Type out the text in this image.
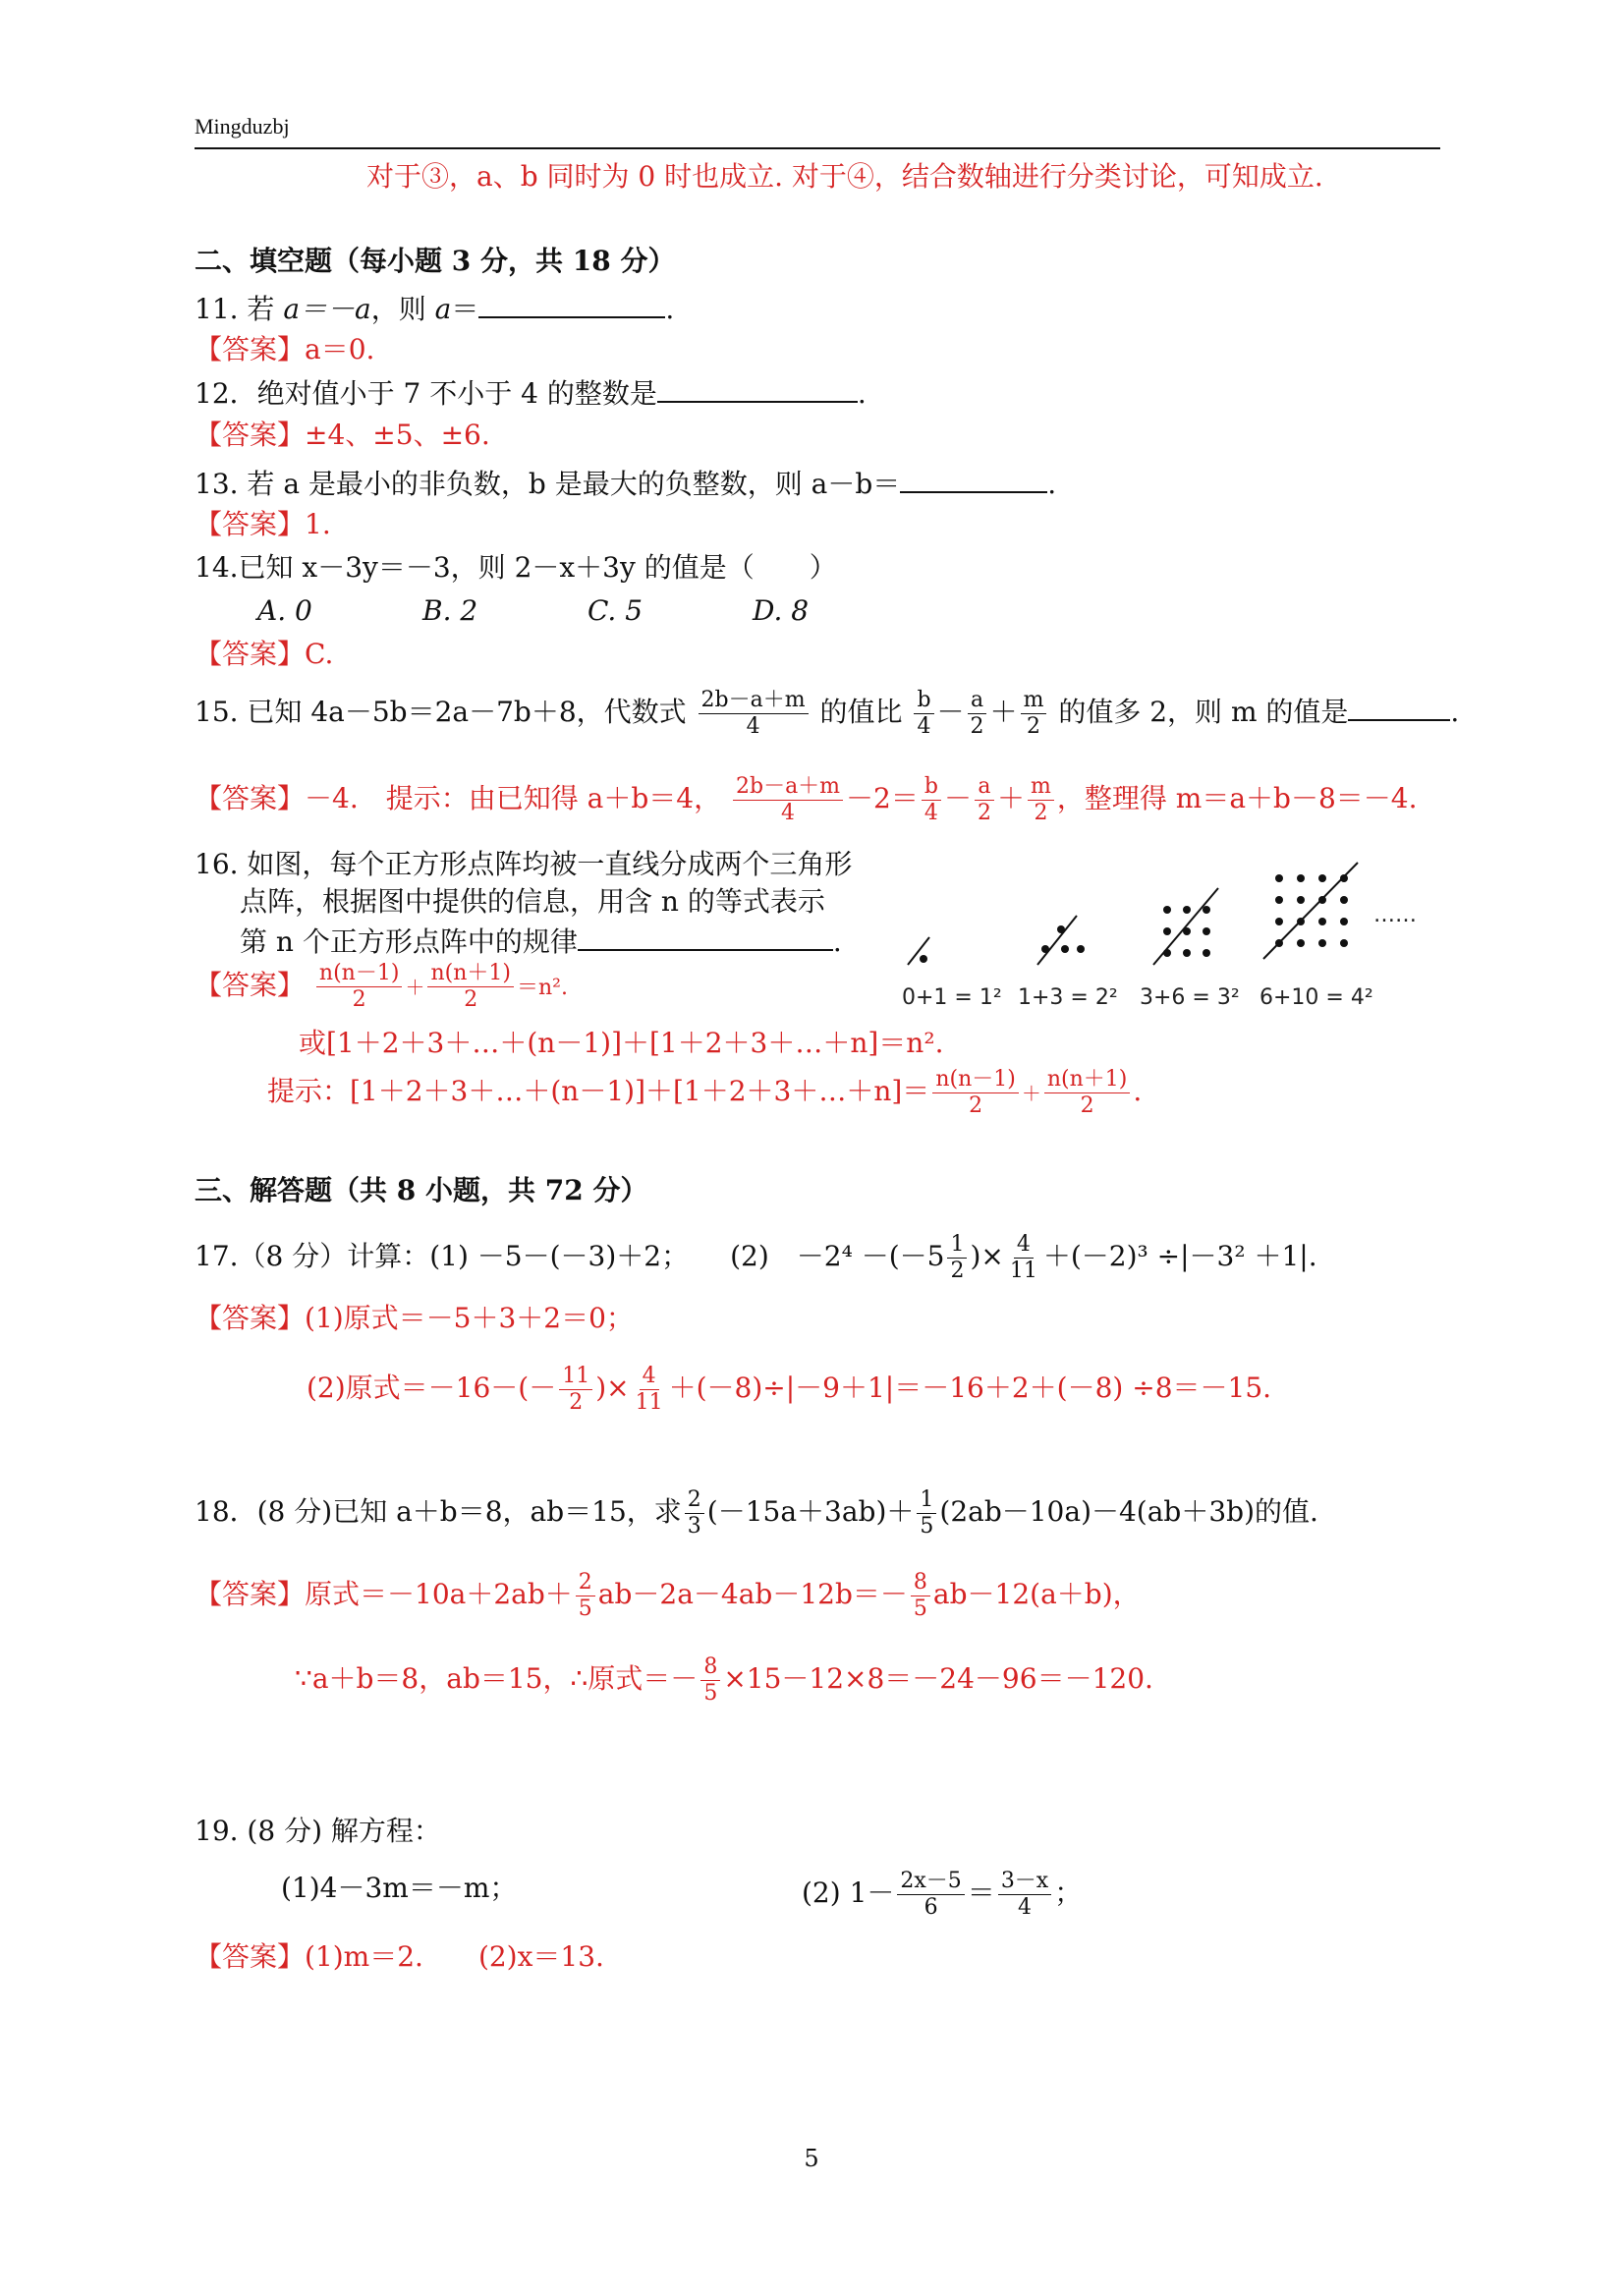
Mingduzbj
对于③，a、b 同时为 0 时也成立. 对于④，结合数轴进行分类讨论，可知成立.
二、填空题（每小题 3 分，共 18 分）
11. 若 a＝－a，则 a＝	.
【答案】a＝0.
12．绝对值小于 7 不小于 4 的整数是	.
【答案】±4、±5、±6.
13. 若 a 是最小的非负数，b 是最大的负整数，则 a－b＝	.
【答案】1.
14.已知 x－3y＝－3，则 2－x＋3y 的值是（　　）
A. 0	B. 2	C. 5	D. 8
【答案】C.
15. 已知 4a－5b＝2a－7b＋8，代数式 $\frac{2b-a+m}{4}$ 的值比 $\frac{b}{4} - \frac{a}{2} + \frac{m}{2}$ 的值多 2，则 m 的值是	.
【答案】－4.　提示：由已知得 a＋b＝4， $\frac{2b-a+m}{4} -2= \frac{b}{4} - \frac{a}{2} + \frac{m}{2}$ ，整理得 m＝a＋b－8＝－4.
16. 如图，每个正方形点阵均被一直线分成两个三角形
点阵，根据图中提供的信息，用含 n 的等式表示
第 n 个正方形点阵中的规律	.
【答案】 $\frac{n(n-1)}{2} + \frac{n(n+1)}{2} =n^2$.
或[1＋2＋3＋…＋(n－1)]＋[1＋2＋3＋…＋n]＝n².
提示：[1＋2＋3＋…＋(n－1)]＋[1＋2＋3＋…＋n]＝ $\frac{n(n-1)}{2} + \frac{n(n+1)}{2}$ .
……
0+1 = 1² 1+3 = 2² 3+6 = 3² 6+10 = 4²
三、解答题（共 8 小题，共 72 分）
17.（8 分）计算：(1) －5－(－3)＋2；　　(2)　$-2^4 -(-5 \frac{1}{2}$ )× $\frac{4}{11} +(-2)^3 \div|-3^2 +1|$.
【答案】(1)原式＝－5＋3＋2＝0；
(2)原式$=-16-(- \frac{11}{2}$ )× $\frac{4}{11} +(-8)\div|-9+1|=-16+2+(-8) \div 8=-15$.
18．(8 分)已知 a＋b＝8，ab＝15，求 $\frac{2}{3} (-15a+3ab)+ \frac{1}{5} (2ab-10a)-4(ab+3b)$的值.
【答案】原式$=-10a+2ab+ \frac{2}{5} ab-2a-4ab-12b=- \frac{8}{5} ab-12(a+b)$，
∵a＋b＝8，ab＝15，∴原式＝－ $\frac{8}{5} \times 15-12\times 8=-24-96=-120$.
19. (8 分) 解方程：
(1)4－3m＝－m；	(2) $1- \frac{2x-5}{6} = \frac{3-x}{4}$ ；
【答案】(1)m＝2.　　(2)x＝13.
5
